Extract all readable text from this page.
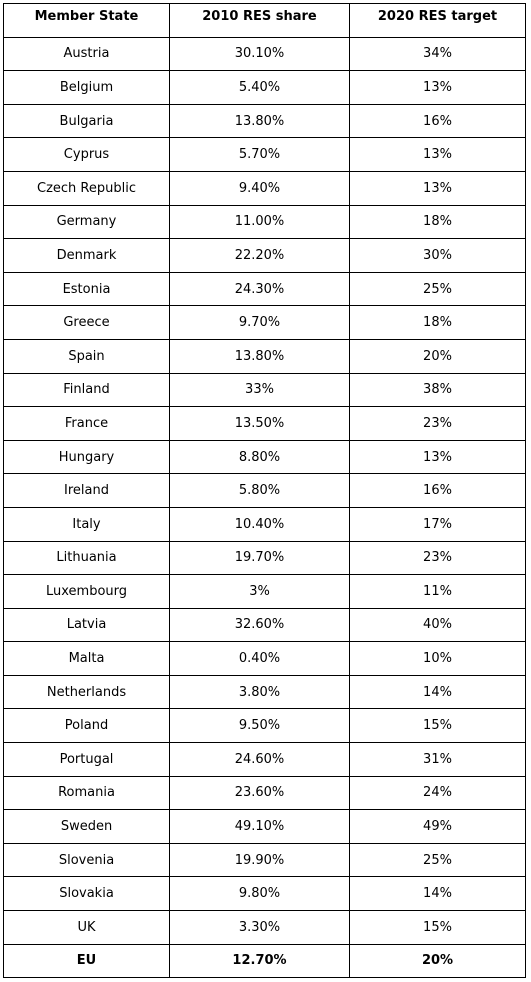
Member State	2010 RES share	2020 RES target
Austria	30.10%	34%
Belgium	5.40%	13%
Bulgaria	13.80%	16%
Cyprus	5.70%	13%
Czech Republic	9.40%	13%
Germany	11.00%	18%
Denmark	22.20%	30%
Estonia	24.30%	25%
Greece	9.70%	18%
Spain	13.80%	20%
Finland	33%	38%
France	13.50%	23%
Hungary	8.80%	13%
Ireland	5.80%	16%
Italy	10.40%	17%
Lithuania	19.70%	23%
Luxembourg	3%	11%
Latvia	32.60%	40%
Malta	0.40%	10%
Netherlands	3.80%	14%
Poland	9.50%	15%
Portugal	24.60%	31%
Romania	23.60%	24%
Sweden	49.10%	49%
Slovenia	19.90%	25%
Slovakia	9.80%	14%
UK	3.30%	15%
EU	12.70%	20%
